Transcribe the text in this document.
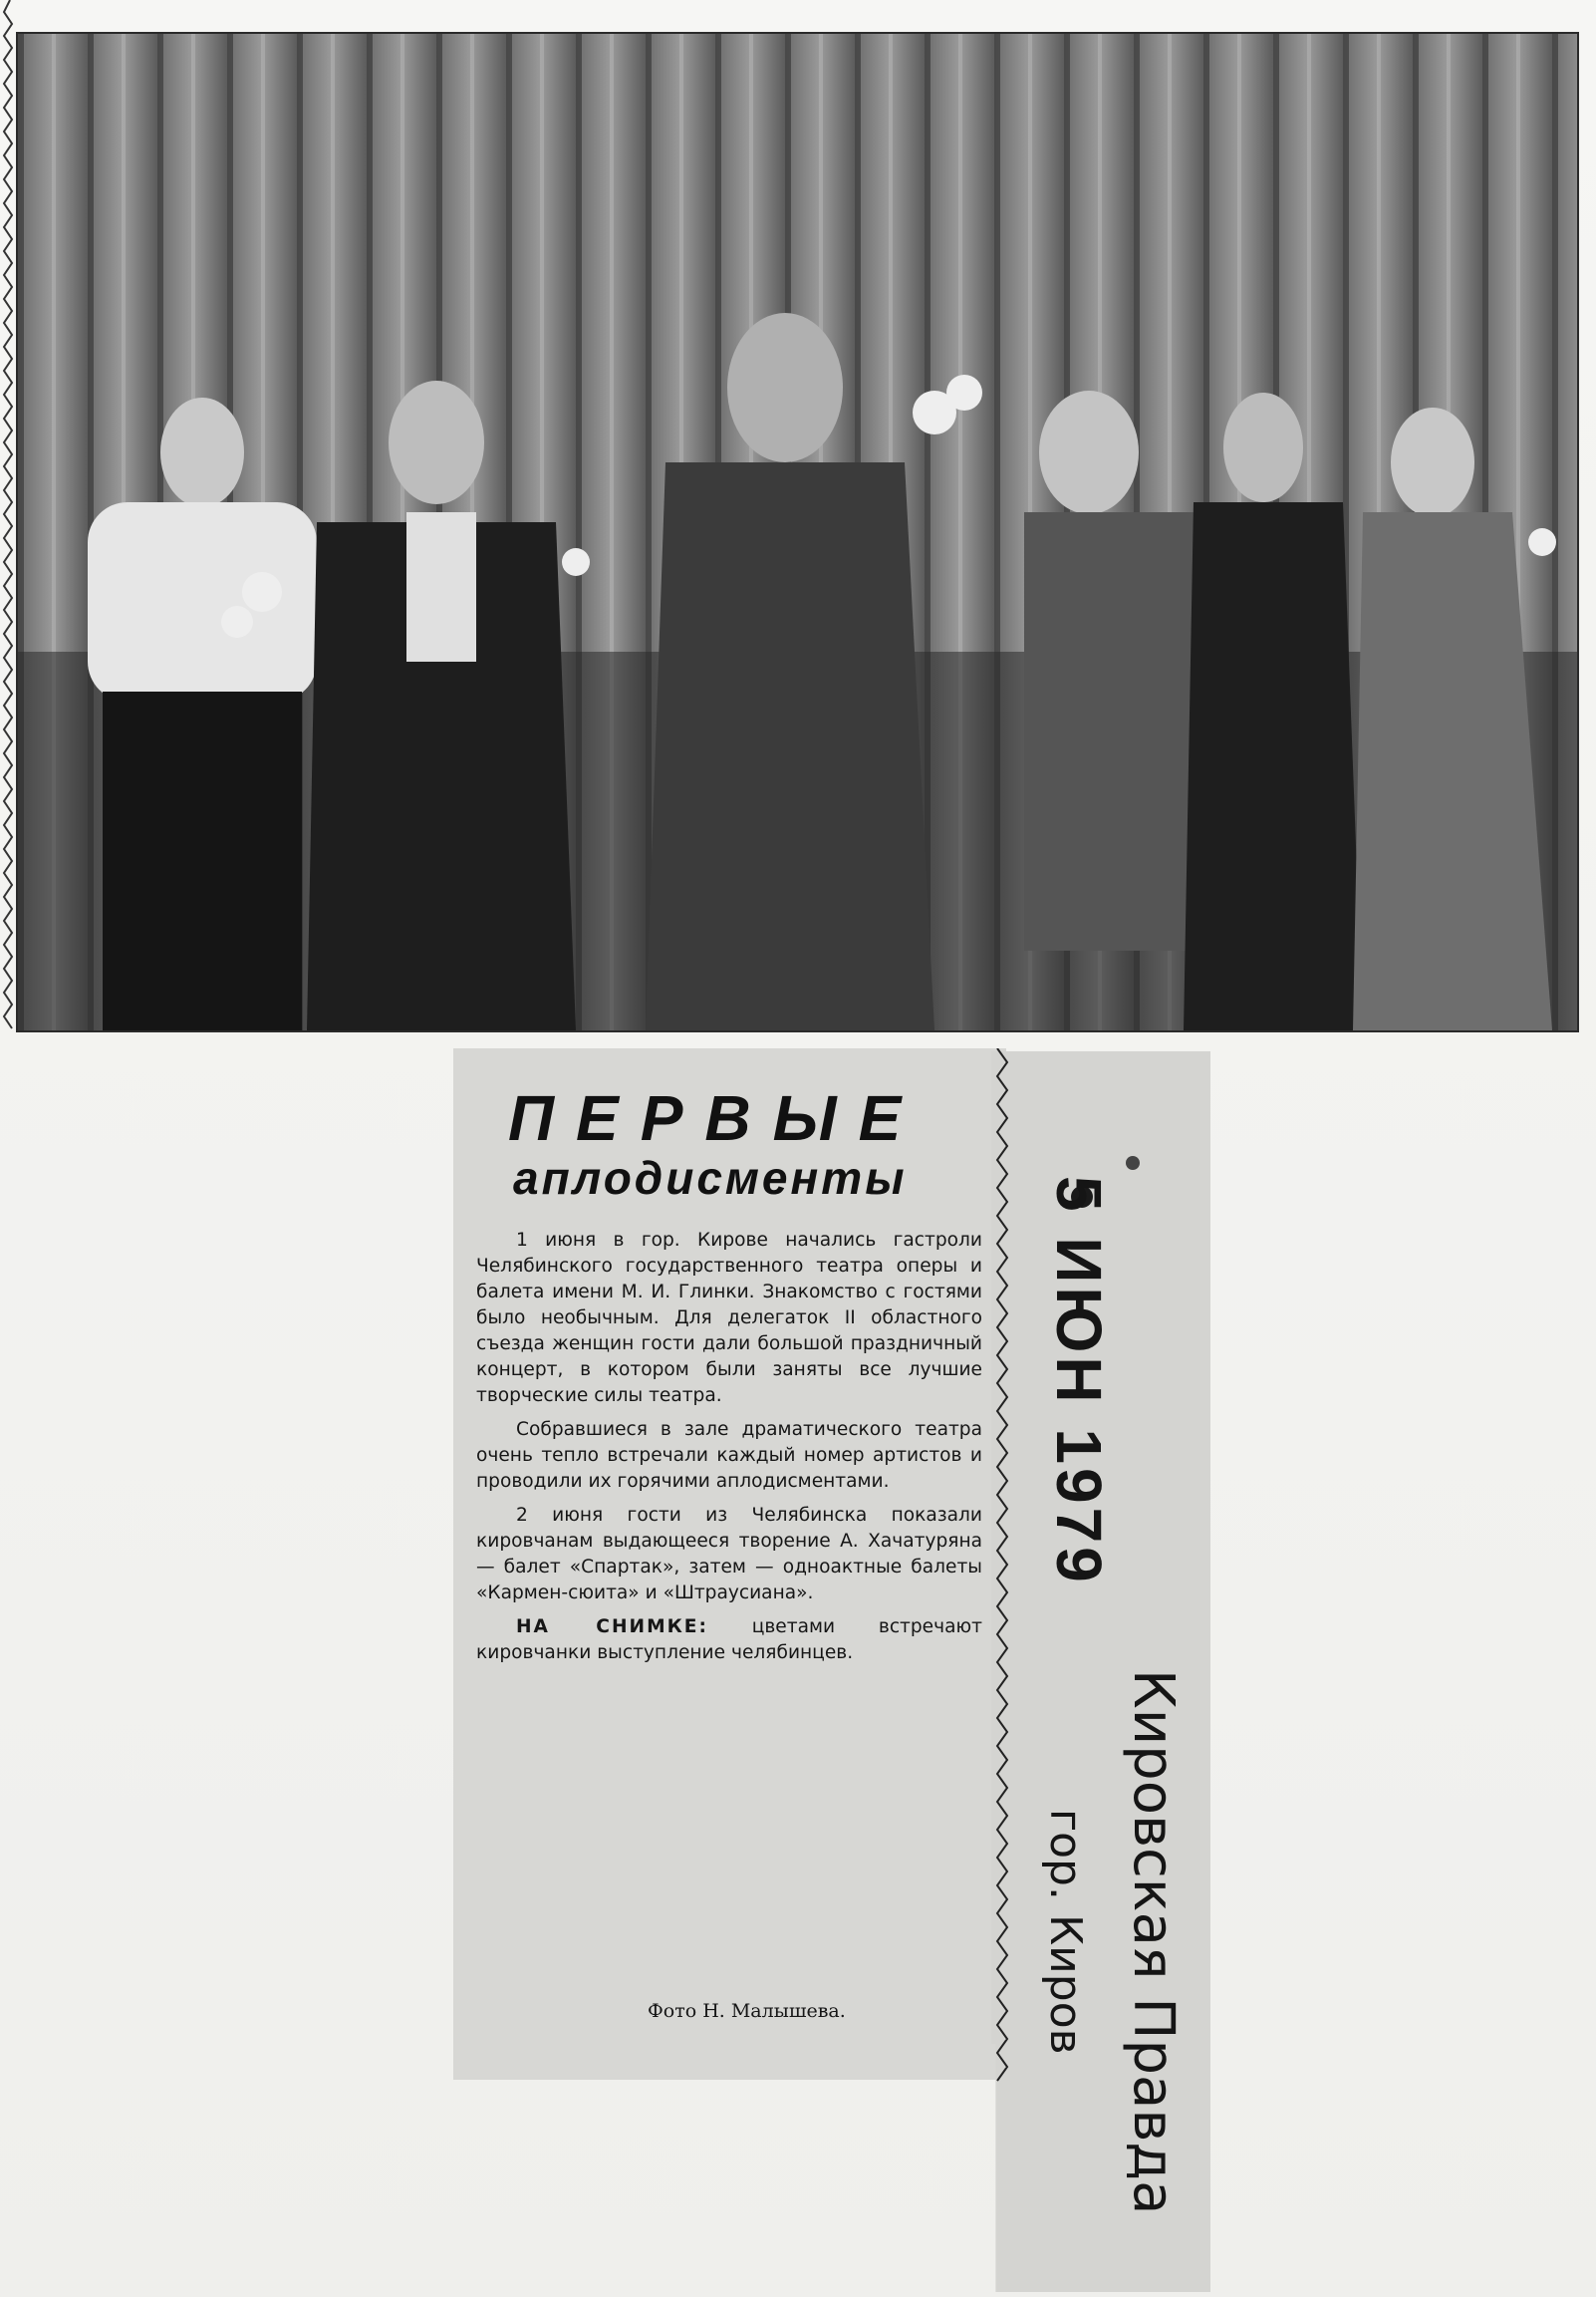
ПЕРВЫЕ
аплодисменты

1 июня в гор. Кирове начались гастроли Челябинского государственного театра оперы и балета имени М. И. Глинки. Знакомство с гостями было необычным. Для делегаток II областного съезда женщин гости дали большой праздничный концерт, в котором были заняты все лучшие творческие силы театра.

Собравшиеся в зале драматического театра очень тепло встречали каждый номер артистов и проводили их горячими аплодисментами.

2 июня гости из Челябинска показали кировчанам выдающееся творение А. Хачатуряна — балет «Спартак», затем — одноактные балеты «Кармен-сюита» и «Штраусиана».

НА СНИМКЕ: цветами встречают кировчанки выступление челябинцев.

Фото Н. Малышева.
5 ИЮН 1979
Кировская Правда
гор. Киров
